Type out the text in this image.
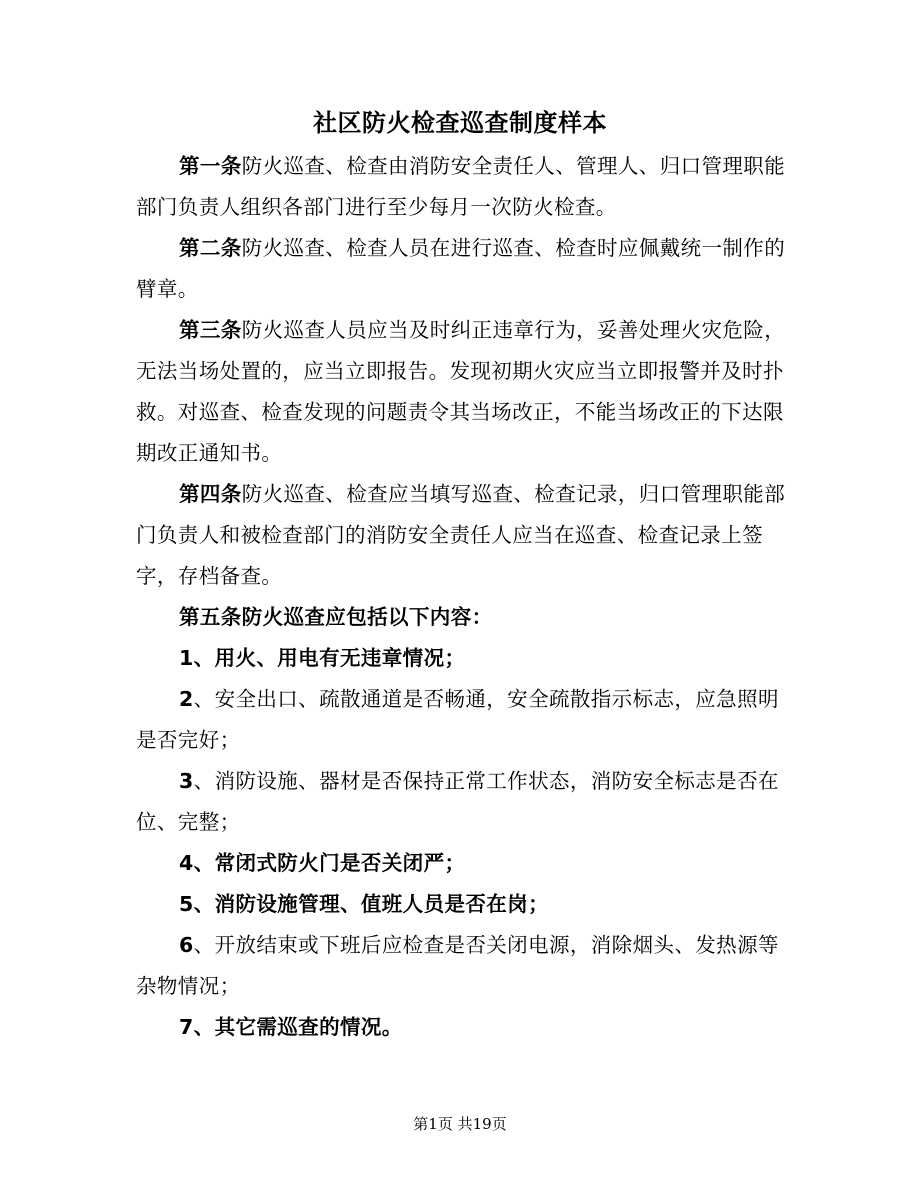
社区防火检查巡查制度样本

第一条防火巡查、检查由消防安全责任人、管理人、归口管理职能部门负责人组织各部门进行至少每月一次防火检查。

第二条防火巡查、检查人员在进行巡查、检查时应佩戴统一制作的臂章。

第三条防火巡查人员应当及时纠正违章行为，妥善处理火灾危险，无法当场处置的，应当立即报告。发现初期火灾应当立即报警并及时扑救。对巡查、检查发现的问题责令其当场改正，不能当场改正的下达限期改正通知书。

第四条防火巡查、检查应当填写巡查、检查记录，归口管理职能部门负责人和被检查部门的消防安全责任人应当在巡查、检查记录上签字，存档备查。

第五条防火巡查应包括以下内容：

1、用火、用电有无违章情况；

2、安全出口、疏散通道是否畅通，安全疏散指示标志，应急照明是否完好；

3、消防设施、器材是否保持正常工作状态，消防安全标志是否在位、完整；

4、常闭式防火门是否关闭严；

5、消防设施管理、值班人员是否在岗；

6、开放结束或下班后应检查是否关闭电源，消除烟头、发热源等杂物情况；

7、其它需巡查的情况。

第1页 共19页
